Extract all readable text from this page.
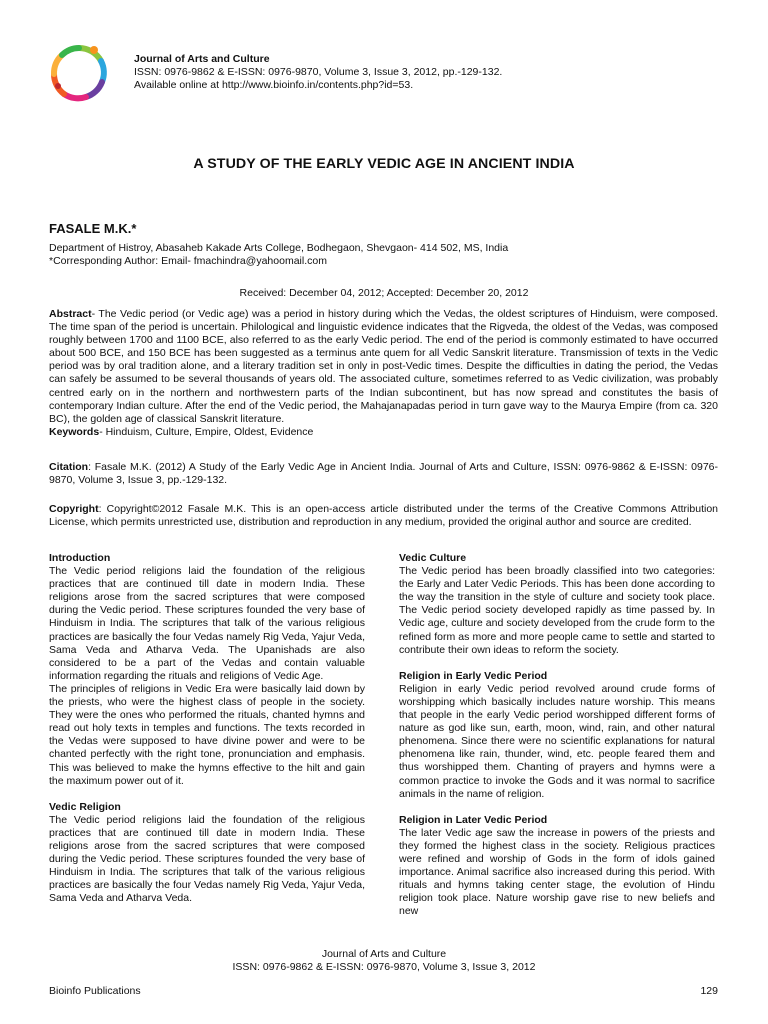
Journal of Arts and Culture
ISSN: 0976-9862 & E-ISSN: 0976-9870, Volume 3, Issue 3, 2012, pp.-129-132.
Available online at http://www.bioinfo.in/contents.php?id=53.
A STUDY OF THE EARLY VEDIC AGE IN ANCIENT INDIA
FASALE M.K.*
Department of Histroy, Abasaheb Kakade Arts College, Bodhegaon, Shevgaon- 414 502, MS, India
*Corresponding Author: Email- fmachindra@yahoomail.com
Received: December 04, 2012; Accepted: December 20, 2012
Abstract- The Vedic period (or Vedic age) was a period in history during which the Vedas, the oldest scriptures of Hinduism, were composed. The time span of the period is uncertain. Philological and linguistic evidence indicates that the Rigveda, the oldest of the Vedas, was composed roughly between 1700 and 1100 BCE, also referred to as the early Vedic period. The end of the period is commonly estimated to have occurred about 500 BCE, and 150 BCE has been suggested as a terminus ante quem for all Vedic Sanskrit literature. Transmission of texts in the Vedic period was by oral tradition alone, and a literary tradition set in only in post-Vedic times. Despite the difficulties in dating the period, the Vedas can safely be assumed to be several thousands of years old. The associated culture, sometimes referred to as Vedic civilization, was probably centred early on in the northern and northwestern parts of the Indian subcontinent, but has now spread and constitutes the basis of contemporary Indian culture. After the end of the Vedic period, the Mahajanapadas period in turn gave way to the Maurya Empire (from ca. 320 BC), the golden age of classical Sanskrit literature.
Keywords- Hinduism, Culture, Empire, Oldest, Evidence
Citation: Fasale M.K. (2012) A Study of the Early Vedic Age in Ancient India. Journal of Arts and Culture, ISSN: 0976-9862 & E-ISSN: 0976-9870, Volume 3, Issue 3, pp.-129-132.
Copyright: Copyright©2012 Fasale M.K. This is an open-access article distributed under the terms of the Creative Commons Attribution License, which permits unrestricted use, distribution and reproduction in any medium, provided the original author and source are credited.
Introduction

The Vedic period religions laid the foundation of the religious practices that are continued till date in modern India. These religions arose from the sacred scriptures that were composed during the Vedic period. These scriptures founded the very base of Hinduism in India. The scriptures that talk of the various religious practices are basically the four Vedas namely Rig Veda, Yajur Veda, Sama Veda and Atharva Veda. The Upanishads are also considered to be a part of the Vedas and contain valuable information regarding the rituals and religions of Vedic Age.

The principles of religions in Vedic Era were basically laid down by the priests, who were the highest class of people in the society. They were the ones who performed the rituals, chanted hymns and read out holy texts in temples and functions. The texts recorded in the Vedas were supposed to have divine power and were to be chanted perfectly with the right tone, pronunciation and emphasis. This was believed to make the hymns effective to the hilt and gain the maximum power out of it.

Vedic Religion

The Vedic period religions laid the foundation of the religious practices that are continued till date in modern India. These religions arose from the sacred scriptures that were composed during the Vedic period. These scriptures founded the very base of Hinduism in India. The scriptures that talk of the various religious practices are basically the four Vedas namely Rig Veda, Yajur Veda, Sama Veda and Atharva Veda.

Vedic Culture

The Vedic period has been broadly classified into two categories: the Early and Later Vedic Periods. This has been done according to the way the transition in the style of culture and society took place. The Vedic period society developed rapidly as time passed by. In Vedic age, culture and society developed from the crude form to the refined form as more and more people came to settle and started to contribute their own ideas to reform the society.

Religion in Early Vedic Period

Religion in early Vedic period revolved around crude forms of worshipping which basically includes nature worship. This means that people in the early Vedic period worshipped different forms of nature as god like sun, earth, moon, wind, rain, and other natural phenomena. Since there were no scientific explanations for natural phenomena like rain, thunder, wind, etc. people feared them and thus worshipped them. Chanting of prayers and hymns were a common practice to invoke the Gods and it was normal to sacrifice animals in the name of religion.

Religion in Later Vedic Period

The later Vedic age saw the increase in powers of the priests and they formed the highest class in the society. Religious practices were refined and worship of Gods in the form of idols gained importance. Animal sacrifice also increased during this period. With rituals and hymns taking center stage, the evolution of Hindu religion took place. Nature worship gave rise to new beliefs and new

Journal of Arts and Culture
ISSN: 0976-9862 & E-ISSN: 0976-9870, Volume 3, Issue 3, 2012
Bioinfo Publications	129
